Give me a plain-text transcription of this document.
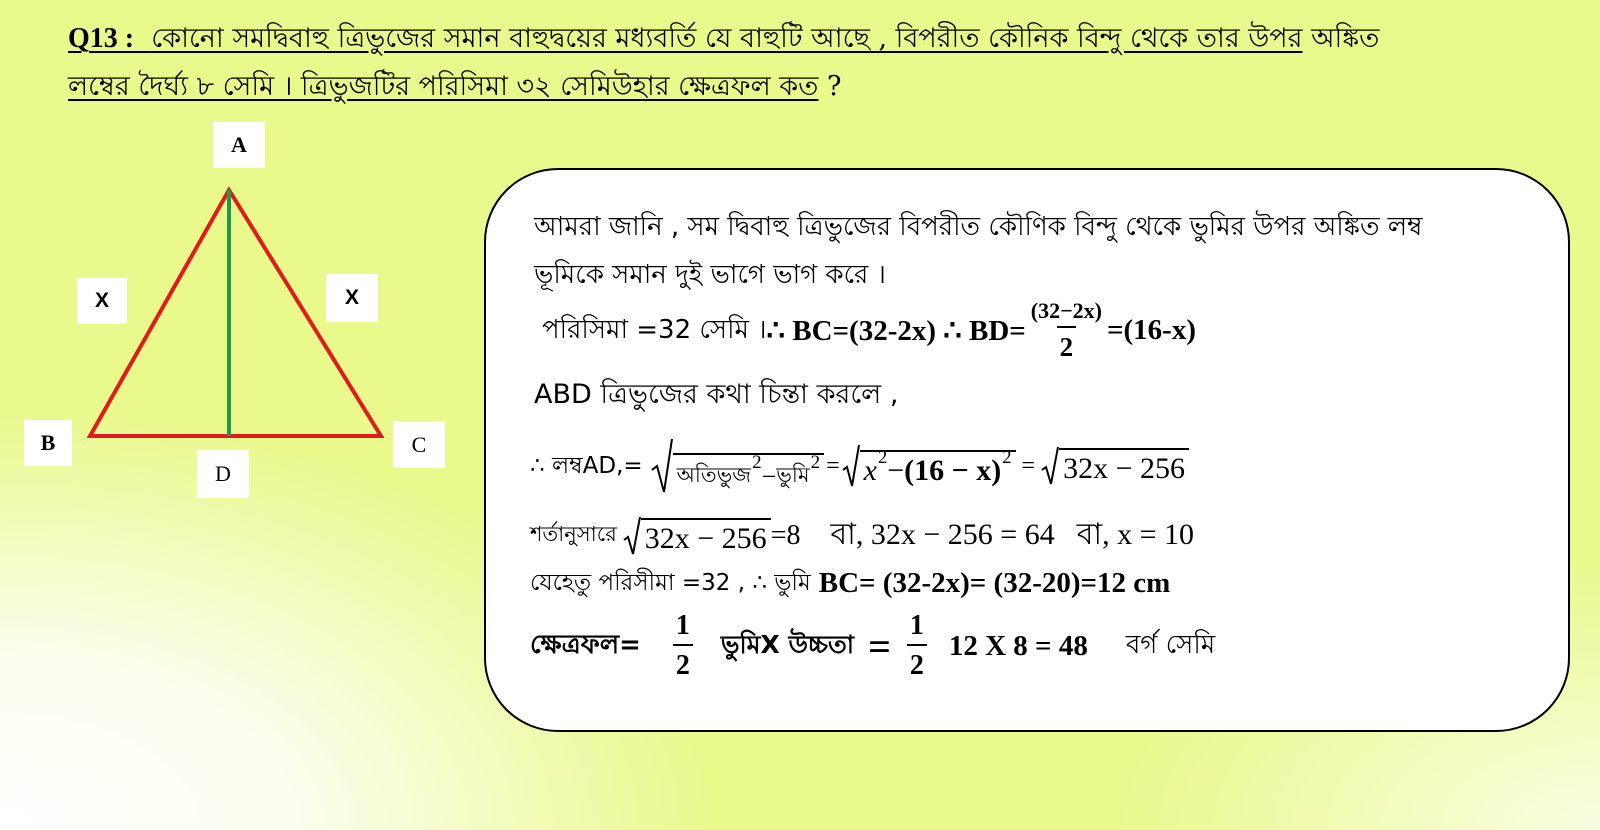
Q13 : কোনো সমদ্বিবাহু ত্রিভুজের সমান বাহুদ্বয়ের মধ্যবর্তি যে বাহুটি আছে , বিপরীত কৌনিক বিন্দু থেকে তার উপর অঙ্কিত
লম্বের দৈর্ঘ্য ৮ সেমি । ত্রিভুজটির পরিসিমা ৩২ সেমিউহার ক্ষেত্রফল কত ?
A
X	X
B	C
D
আমরা জানি , সম দ্বিবাহু ত্রিভুজের বিপরীত কৌণিক বিন্দু থেকে ভুমির উপর অঙ্কিত লম্ব
ভূমিকে সমান দুই ভাগে ভাগ করে ।
পরিসিমা =32 সেমি । ∴ BC=(32-2x) ∴ $BD= \frac{(32-2x)}{2} =(16-x)$
ABD ত্রিভুজের কথা চিন্তা করলে ,
∴ লম্বAD,= অতিভুজ
2 − ভুমি
2 = x 2 − (16 − x) 2 = 32x − 256
শর্তানুসারে 32x − 256 =8 বা, 32x − 256 = 64 বা, x = 10
যেহেতু পরিসীমা =32 , ∴ ভুমি BC= (32-2x)= (32-20)=12 cm
ক্ষেত্রফল= $\frac{1}{2}$ ভুমিX উচ্চতা = $\frac{1}{2} 12$ X 8 = 48 বর্গ সেমি
